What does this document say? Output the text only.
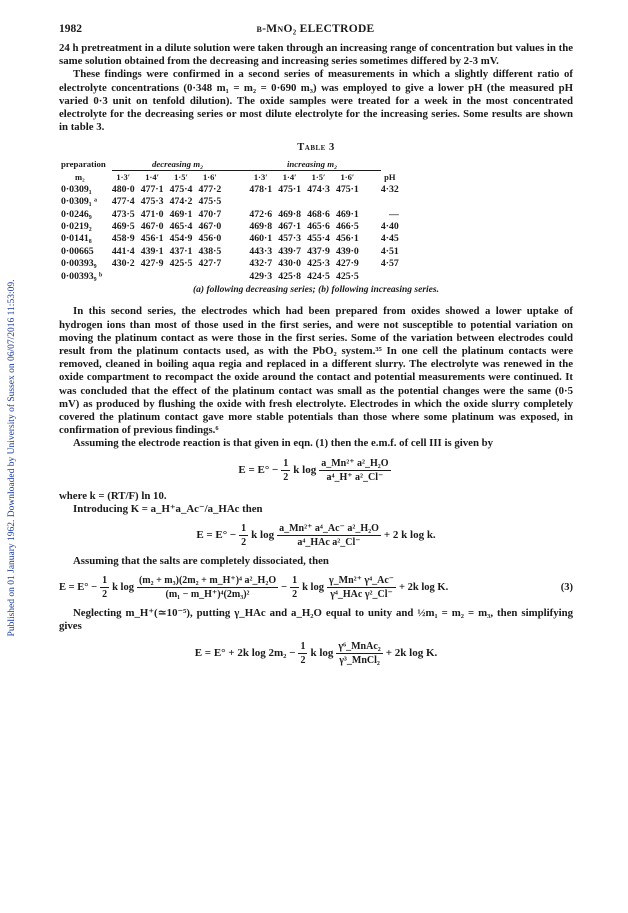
Published on 01 January 1962. Downloaded by University of Sussex on 06/07/2016 11:53:09.
1982	β-MnO₂ ELECTRODE

24 h pretreatment in a dilute solution were taken through an increasing range of concentration but values in the same solution obtained from the decreasing and increasing series sometimes differed by 2-3 mV.

These findings were confirmed in a second series of measurements in which a slightly different ratio of electrolyte concentrations (0·348 m₁ = m₂ = 0·690 m₃) was employed to give a lower pH (the measured pH varied 0·3 unit on tenfold dilution). The oxide samples were treated for a week in the most concentrated electrolyte for the decreasing series or most dilute electrolyte for the increasing series. Some results are shown in table 3.

Table 3
preparation	decreasing m₂				increasing m₂				
m₂	1·3′	1·4′	1·5′	1·6′	1·3′	1·4′	1·5′	1·6′	pH
0·0309₁	480·0	477·1	475·4	477·2	478·1	475·1	474·3	475·1	4·32
0·0309₁ ᵃ	477·4	475·3	474·2	475·5					
0·0246₉	473·5	471·0	469·1	470·7	472·6	469·8	468·6	469·1	—
0·0219₂	469·5	467·0	465·4	467·0	469·8	467·1	465·6	466·5	4·40
0·0141₈	458·9	456·1	454·9	456·0	460·1	457·3	455·4	456·1	4·45
0·00665	441·4	439·1	437·1	438·5	443·3	439·7	437·9	439·0	4·51
0·00393₉	430·2	427·9	425·5	427·7	432·7	430·0	425·3	427·9	4·57
0·00393₉ ᵇ					429·3	425·8	424·5	425·5	
(a) following decreasing series; (b) following increasing series.

In this second series, the electrodes which had been prepared from oxides showed a lower uptake of hydrogen ions than most of those used in the first series, and were not susceptible to potential variation on moving the platinum contact as were those in the first series. Some of the variation between electrodes could result from the platinum contacts used, as with the PbO₂ system.³⁵ In one cell the platinum contacts were removed, cleaned in boiling aqua regia and replaced in a different slurry. The electrolyte was renewed in the oxide compartment to recompact the oxide around the contact and potential measurements were continued. It was concluded that the effect of the platinum contact was small as the potential changes were the same (0·5 mV) as produced by flushing the oxide with fresh electrolyte. Electrodes in which the oxide slurry completely covered the platinum contact gave more stable potentials than those where some platinum was exposed, in confirmation of previous findings.⁶

Assuming the electrode reaction is that given in eqn. (1) then the e.m.f. of cell III is given by

$E = E^\circ - \frac{1}{2}$ k $\log \frac{\text{a\_Mn²⁺ a²\_H₂O}}{\text{a⁴\_H⁺ a²\_Cl⁻}}$

where k = (RT/F) ln 10.

Introducing K = a_H⁺a_Ac⁻/a_HAc then

$E = E^\circ - \frac{1}{2}$ k $\log \frac{\text{a\_Mn²⁺ a⁴\_Ac⁻ a²\_H₂O}}{\text{a⁴\_HAc a²\_Cl⁻}} + 2$ k log k.

Assuming that the salts are completely dissociated, then

$E = E^\circ - \frac{1}{2}$ k $\log \frac{\text{(m₂ + m₃)(2m₂ + m\_H⁺)⁴ a²\_H₂O}}{\text{(m₁ − m\_H⁺)⁴(2m₃)²}} - \frac{1}{2}$ k $\log \frac{\text{γ\_Mn²⁺ γ⁴\_Ac⁻}}{\text{γ⁴\_HAc γ²\_Cl⁻}} + 2k$ log K.	(3)

Neglecting m_H⁺(≃10⁻⁵), putting γ_HAc and a_H₂O equal to unity and ½m₁ = m₂ = m₃, then simplifying gives

E = E° + 2k $\log 2m_2 - \frac{1}{2}$ k $\log \frac{\text{γ⁶\_MnAc₂}}{\text{γ³\_MnCl₂}} + 2k$ log K.
